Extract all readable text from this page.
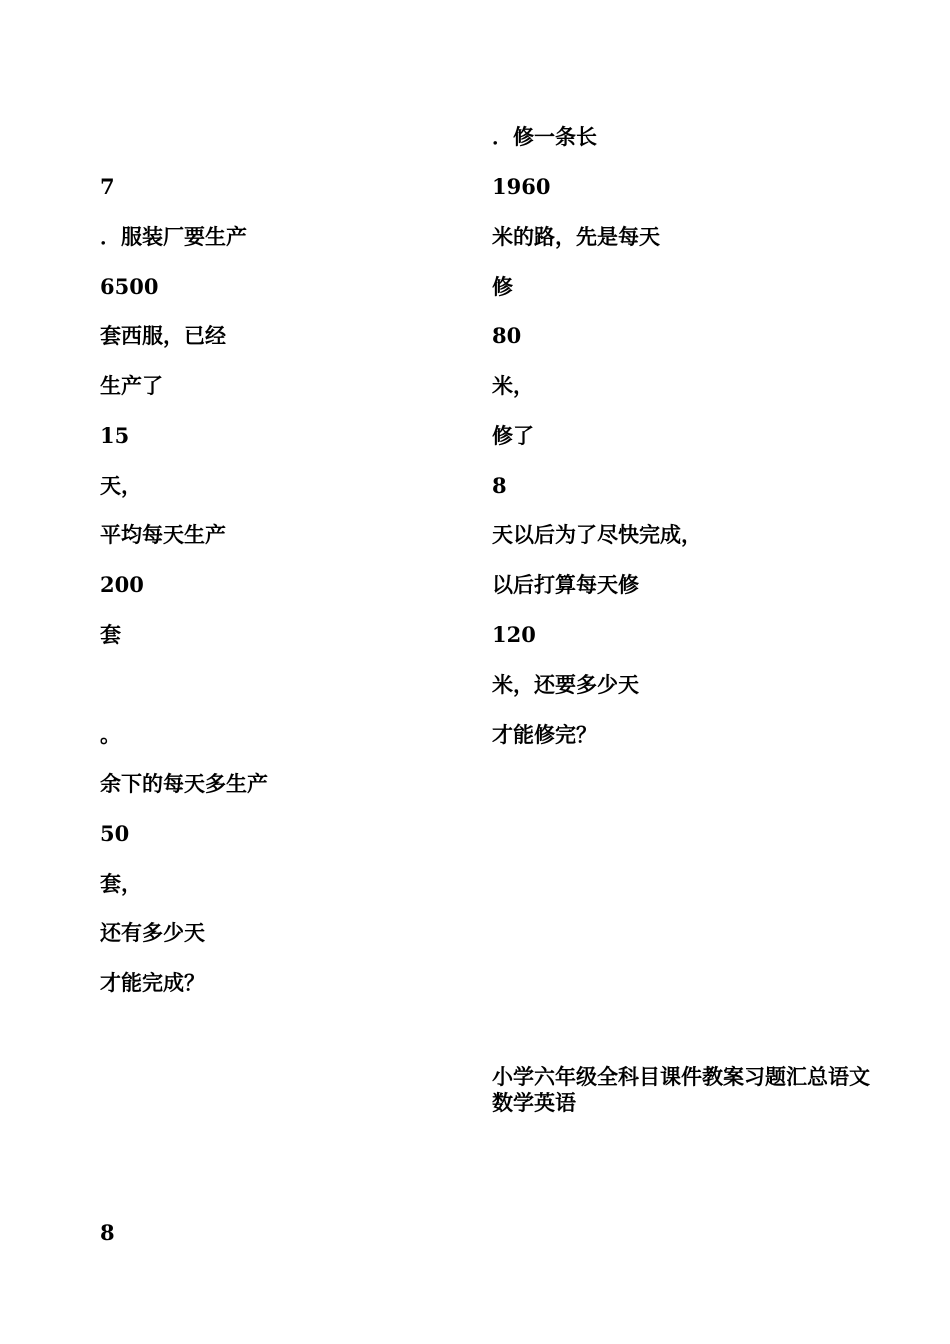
7

．服装厂要生产

6500

套西服，已经

生产了

15

天，

平均每天生产

200

套

。

余下的每天多生产

50

套，

还有多少天

才能完成？

．修一条长

1960

米的路，先是每天

修

80

米，

修了

8

天以后为了尽快完成，

以后打算每天修

120

米，还要多少天

才能修完？

小学六年级全科目课件教案习题汇总语文数学英语

8
